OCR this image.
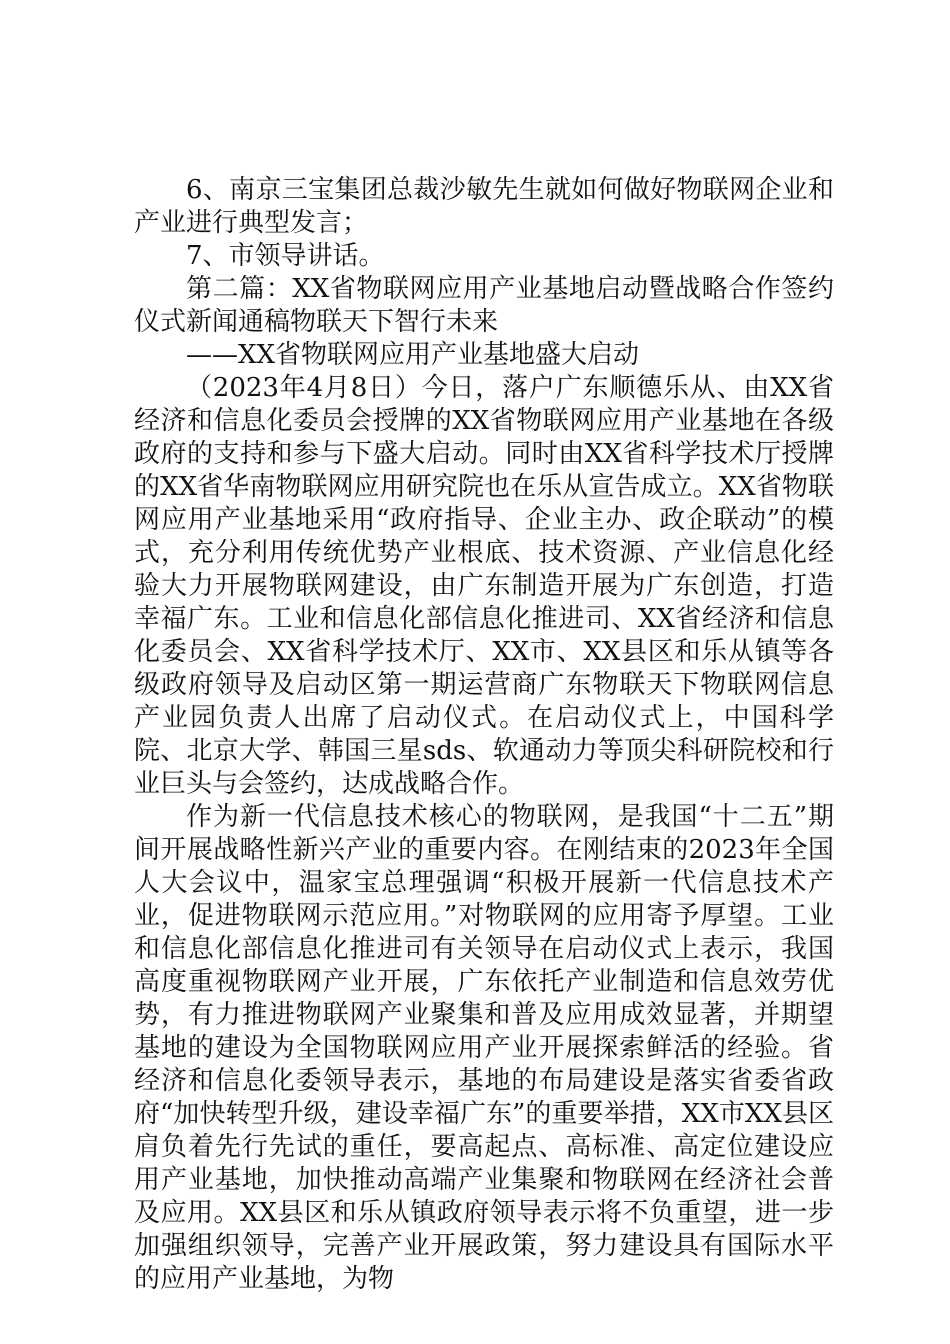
6、南京三宝集团总裁沙敏先生就如何做好物联网企业和产业进行典型发言；

7、市领导讲话。

第二篇：XX省物联网应用产业基地启动暨战略合作签约仪式新闻通稿物联天下智行未来

——XX省物联网应用产业基地盛大启动

（2023年4月8日）今日，落户广东顺德乐从、由XX省经济和信息化委员会授牌的XX省物联网应用产业基地在各级政府的支持和参与下盛大启动。同时由XX省科学技术厅授牌的XX省华南物联网应用研究院也在乐从宣告成立。XX省物联网应用产业基地采用“政府指导、企业主办、政企联动”的模式，充分利用传统优势产业根底、技术资源、产业信息化经验大力开展物联网建设，由广东制造开展为广东创造，打造幸福广东。工业和信息化部信息化推进司、XX省经济和信息化委员会、XX省科学技术厅、XX市、XX县区和乐从镇等各级政府领导及启动区第一期运营商广东物联天下物联网信息产业园负责人出席了启动仪式。在启动仪式上，中国科学院、北京大学、韩国三星sds、软通动力等顶尖科研院校和行业巨头与会签约，达成战略合作。

作为新一代信息技术核心的物联网，是我国“十二五”期间开展战略性新兴产业的重要内容。在刚结束的2023年全国人大会议中，温家宝总理强调“积极开展新一代信息技术产业，促进物联网示范应用。”对物联网的应用寄予厚望。工业和信息化部信息化推进司有关领导在启动仪式上表示，我国高度重视物联网产业开展，广东依托产业制造和信息效劳优势，有力推进物联网产业聚集和普及应用成效显著，并期望基地的建设为全国物联网应用产业开展探索鲜活的经验。省经济和信息化委领导表示，基地的布局建设是落实省委省政府“加快转型升级，建设幸福广东”的重要举措，XX市XX县区肩负着先行先试的重任，要高起点、高标准、高定位建设应用产业基地，加快推动高端产业集聚和物联网在经济社会普及应用。XX县区和乐从镇政府领导表示将不负重望，进一步加强组织领导，完善产业开展政策，努力建设具有国际水平的应用产业基地，为物
